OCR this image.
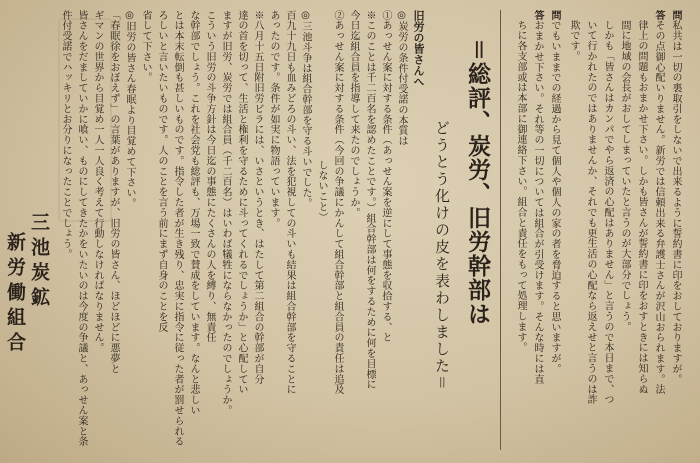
問私共は一切の裏取引をしないで出来るように誓約書に印をおしておりますが。
答その点御心配いりません。新労では信頼出来る弁護士さんが沢山おられます。法
律上の問題もおまかせ下さい。しかも皆さんが誓約書に印をおすときには知らぬ
間に地域の会長がおしてしまっていたと言うのが大部分でしょう。
しかも「皆さんはカンパでやら返済の心配はありません」と言うので本日まで、つ
いて行かれたのではありませんか、それでも更生活の心配なら返えせと言うのは詐
欺です。
問でもいままでの経過から見て個人や個人の家の者を脅迫すると思いますが。
答おまかせ下さい。それ等の一切については組合が引受けます。そんな時には直
ちに各支部或は本部に御連絡下さい。組合と責任をもって処理します。
＝総評、炭労、旧労幹部は
どうとう化けの皮を表わしました＝
旧労の皆さんへ
◎炭労の条件付受諾の本質は
①あっせん案に対する条件（あっせん案を逆にして事態を収拾する、と
※このことは千二百名を認めたことです。）組合幹部は何をするために何を目標に
今日迄組合員を指導して来たのでしょうか。
②あっせん案に対する条件（今回の争議にかんして組合幹部と組合員の責任は追及
しないこと）
◎三池斗争は組合幹部を守る斗いでした。
百九十九日も血みどろの斗い、法を犯視しての斗いも結果は組合幹部を守ることに
あったのです。条件が如実に物語っています。
※八月十五日附旧労ビラには、いさというとき、はたして第二組合の幹部が自分
達の首を切って、生活と権利を守るために斗ってくれるでしょうか」と心配してい
ますが旧労、炭労では組合員（千二百名）はいわば犠牲にならなかったのでしょうか。
こういう旧労の斗争方針は今日迄の事態にたくさんの人を縛り、無責任
な幹部でしょう。これを社会党も総評も、万場一致で賛成をしています。なんと悲しい
とは本末転倒も甚しいものです。指令した者が生き残り、忠実に指令に従った者が罰せられる
ろしいと言いたいものです。人のことを言う前にまず自身のことを反
省して下さい。
◎旧労の皆さん春眠より目覚めて下さい。
「春眠徐をおぼえず」の言葉がありますが、旧労の皆さん、ほどほどに悪夢と
ギマンの世界から目覚め一人一人良く考えて行動しなければなりません。
皆さんをだましていかに喰い、ものにしてきたかをいたいのは今度の争議と、あっせん案と条
件付受諾でハッキリとお分りになったことでしょう。
三池炭鉱
新労働組合
